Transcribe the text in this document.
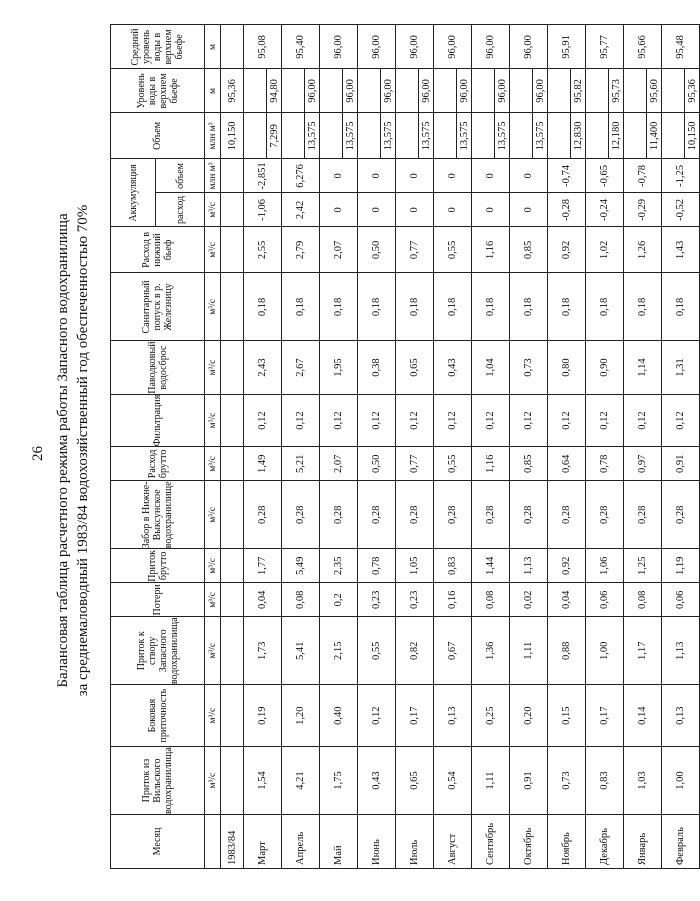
26 Балансовая таблица расчетного режима работы Запасного водохранилища за среднемаловодный 1983/84 водохозяйственный год обеспеченностью 70%
Месяц	Приток из Вильского водохранилища	Боковая приточность	Приток к створу Запасного водохранилища	Потери	Приток брутто	Забор в Нижне-Выксунское водохранилище	Расход брутто	Фильтрация	Паводковый водосброс	Санитарный попуск в р. Железницу	Расход в нижний бьеф	Аккумуляция		Объем	Уровень воды в верхнем бьефе	Средний уровень воды в верхнем бьефе
												расход	объем			

	м³/с	м³/с	м³/с	м³/с	м³/с	м³/с	м³/с	м³/с	м³/с	м³/с	м³/с	м³/с	млн м³	млн м³	м	м
1983/84														10,150	95,36	
Март	1,54	0,19	1,73	0,04	1,77	0,28	1,49	0,12	2,43	0,18	2,55	-1,06	-2,851			95,08
														7,299	94,80	
Апрель	4,21	1,20	5,41	0,08	5,49	0,28	5,21	0,12	2,67	0,18	2,79	2,42	6,276			95,40
														13,575	96,00	
Май	1,75	0,40	2,15	0,2	2,35	0,28	2,07	0,12	1,95	0,18	2,07	0	0			96,00
														13,575	96,00	
Июнь	0,43	0,12	0,55	0,23	0,78	0,28	0,50	0,12	0,38	0,18	0,50	0	0			96,00
														13,575	96,00	
Июль	0,65	0,17	0,82	0,23	1,05	0,28	0,77	0,12	0,65	0,18	0,77	0	0			96,00
														13,575	96,00	
Август	0,54	0,13	0,67	0,16	0,83	0,28	0,55	0,12	0,43	0,18	0,55	0	0			96,00
														13,575	96,00	
Сентябрь	1,11	0,25	1,36	0,08	1,44	0,28	1,16	0,12	1,04	0,18	1,16	0	0			96,00
														13,575	96,00	
Октябрь	0,91	0,20	1,11	0,02	1,13	0,28	0,85	0,12	0,73	0,18	0,85	0	0			96,00
														13,575	96,00	
Ноябрь	0,73	0,15	0,88	0,04	0,92	0,28	0,64	0,12	0,80	0,18	0,92	-0,28	-0,74			95,91
														12,830	95,82	
Декабрь	0,83	0,17	1,00	0,06	1,06	0,28	0,78	0,12	0,90	0,18	1,02	-0,24	-0,65			95,77
														12,180	95,73	
Январь	1,03	0,14	1,17	0,08	1,25	0,28	0,97	0,12	1,14	0,18	1,26	-0,29	-0,78			95,66
														11,400	95,60	
Февраль	1,00	0,13	1,13	0,06	1,19	0,28	0,91	0,12	1,31	0,18	1,43	-0,52	-1,25			95,48
														10,150	95,36	
